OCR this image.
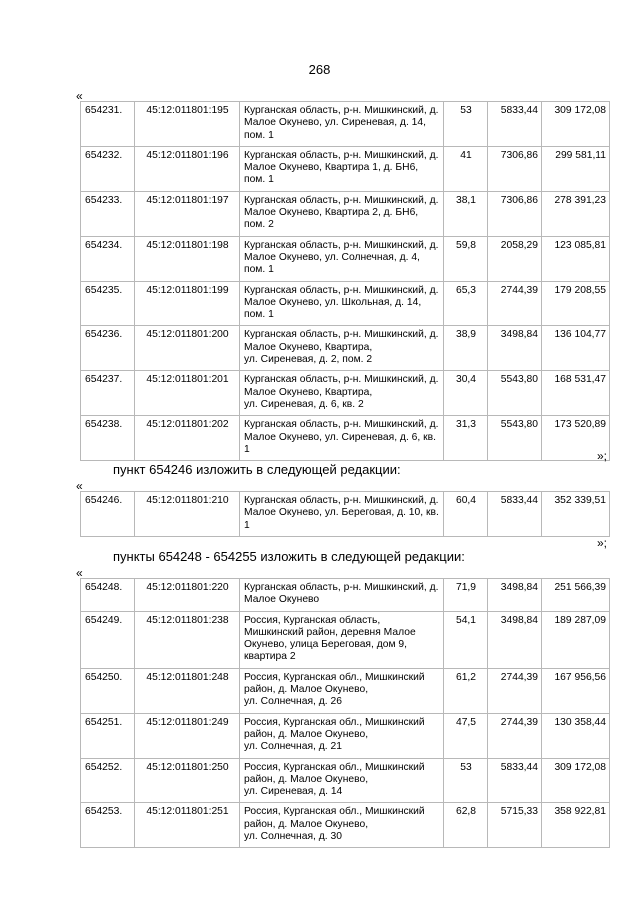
268
«
654231.	45:12:011801:195	Курганская область, р-н. Мишкинский, д. Малое Окунево, ул. Сиреневая, д. 14, пом. 1	53	5833,44	309 172,08
654232.	45:12:011801:196	Курганская область, р-н. Мишкинский, д. Малое Окунево, Квартира 1, д. БН6, пом. 1	41	7306,86	299 581,11
654233.	45:12:011801:197	Курганская область, р-н. Мишкинский, д. Малое Окунево, Квартира 2, д. БН6, пом. 2	38,1	7306,86	278 391,23
654234.	45:12:011801:198	Курганская область, р-н. Мишкинский, д. Малое Окунево, ул. Солнечная, д. 4, пом. 1	59,8	2058,29	123 085,81
654235.	45:12:011801:199	Курганская область, р-н. Мишкинский, д. Малое Окунево, ул. Школьная, д. 14, пом. 1	65,3	2744,39	179 208,55
654236.	45:12:011801:200	Курганская область, р-н. Мишкинский, д. Малое Окунево, Квартира,
ул. Сиреневая, д. 2, пом. 2	38,9	3498,84	136 104,77
654237.	45:12:011801:201	Курганская область, р-н. Мишкинский, д. Малое Окунево, Квартира,
ул. Сиреневая, д. 6, кв. 2	30,4	5543,80	168 531,47
654238.	45:12:011801:202	Курганская область, р-н. Мишкинский, д. Малое Окунево, ул. Сиреневая, д. 6, кв. 1	31,3	5543,80	173 520,89
»;
пункт 654246 изложить в следующей редакции:
«
654246.	45:12:011801:210	Курганская область, р-н. Мишкинский, д. Малое Окунево, ул. Береговая, д. 10, кв. 1	60,4	5833,44	352 339,51
»;
пункты 654248 - 654255 изложить в следующей редакции:
«
654248.	45:12:011801:220	Курганская область, р-н. Мишкинский, д. Малое Окунево	71,9	3498,84	251 566,39
654249.	45:12:011801:238	Россия, Курганская область,
Мишкинский район, деревня Малое Окунево, улица Береговая, дом 9, квартира 2	54,1	3498,84	189 287,09
654250.	45:12:011801:248	Россия, Курганская обл., Мишкинский район, д. Малое Окунево,
ул. Солнечная, д. 26	61,2	2744,39	167 956,56
654251.	45:12:011801:249	Россия, Курганская обл., Мишкинский район, д. Малое Окунево,
ул. Солнечная, д. 21	47,5	2744,39	130 358,44
654252.	45:12:011801:250	Россия, Курганская обл., Мишкинский район, д. Малое Окунево,
ул. Сиреневая, д. 14	53	5833,44	309 172,08
654253.	45:12:011801:251	Россия, Курганская обл., Мишкинский район, д. Малое Окунево,
ул. Солнечная, д. 30	62,8	5715,33	358 922,81
